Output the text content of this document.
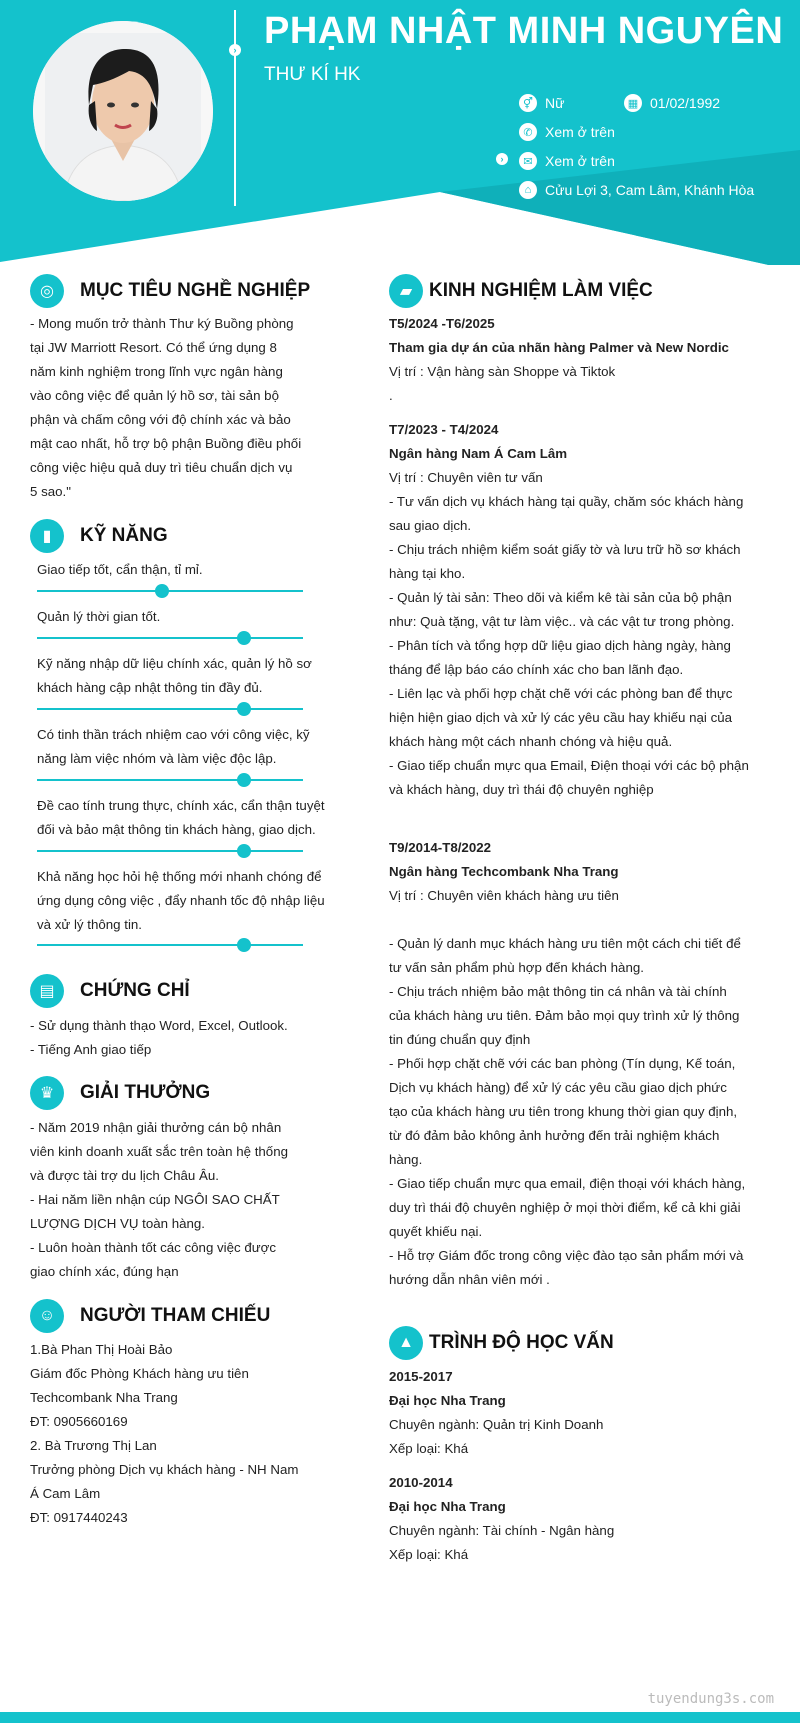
› PHẠM NHẬT MINH NGUYÊN
THƯ KÍ HK
⚥ Nữ	▦ 01/02/1992
✆ Xem ở trên
›	✉ Xem ở trên
⌂ Cửu Lợi 3, Cam Lâm, Khánh Hòa
◎	MỤC TIÊU NGHỀ NGHIỆP

- Mong muốn trở thành Thư ký Buồng phòng

tại JW Marriott Resort. Có thể ứng dụng 8

năm kinh nghiệm trong lĩnh vực ngân hàng

vào công việc để quản lý hồ sơ, tài sản bộ

phận và chấm công với độ chính xác và bảo

mật cao nhất, hỗ trợ bộ phận Buồng điều phối

công việc hiệu quả duy trì tiêu chuẩn dịch vụ

5 sao."

▮	KỸ NĂNG
Giao tiếp tốt, cẩn thận, tỉ mỉ.
Quản lý thời gian tốt.
Kỹ năng nhập dữ liệu chính xác, quản lý hồ sơ
khách hàng cập nhật thông tin đầy đủ.
Có tinh thần trách nhiệm cao với công việc, kỹ
năng làm việc nhóm và làm việc độc lập.
Đề cao tính trung thực, chính xác, cẩn thận tuyệt
đối và bảo mật thông tin khách hàng, giao dịch.
Khả năng học hỏi hệ thống mới nhanh chóng để
ứng dụng công việc , đẩy nhanh tốc độ nhập liệu
và xử lý thông tin.
▤	CHỨNG CHỈ

- Sử dụng thành thạo Word, Excel, Outlook.

- Tiếng Anh giao tiếp

♛	GIẢI THƯỞNG

- Năm 2019 nhận giải thưởng cán bộ nhân

viên kinh doanh xuất sắc trên toàn hệ thống

và được tài trợ du lịch Châu Âu.

- Hai năm liền nhận cúp NGÔI SAO CHẤT

LƯỢNG DỊCH VỤ toàn hàng.

- Luôn hoàn thành tốt các công việc được

giao chính xác, đúng hạn

☺	NGƯỜI THAM CHIẾU

1.Bà Phan Thị Hoài Bảo

Giám đốc Phòng Khách hàng ưu tiên

Techcombank Nha Trang

ĐT: 0905660169

2. Bà Trương Thị Lan

Trưởng phòng Dịch vụ khách hàng - NH Nam

Á Cam Lâm

ĐT: 0917440243

▰ KINH NGHIỆM LÀM VIỆC

T5/2024 -T6/2025

Tham gia dự án của nhãn hàng Palmer và New Nordic

Vị trí : Vận hàng sàn Shoppe và Tiktok

.

T7/2023 - T4/2024

Ngân hàng Nam Á Cam Lâm

Vị trí : Chuyên viên tư vấn

- Tư vấn dịch vụ khách hàng tại quầy, chăm sóc khách hàng

sau giao dịch.

- Chịu trách nhiệm kiểm soát giấy tờ và lưu trữ hồ sơ khách

hàng tại kho.

- Quản lý tài sản: Theo dõi và kiểm kê tài sản của bộ phận

như: Quà tặng, vật tư làm việc.. và các vật tư trong phòng.

- Phân tích và tổng hợp dữ liệu giao dịch hàng ngày, hàng

tháng để lập báo cáo chính xác cho ban lãnh đạo.

- Liên lạc và phối hợp chặt chẽ với các phòng ban để thực

hiện hiện giao dịch và xử lý các yêu cầu hay khiếu nại của

khách hàng một cách nhanh chóng và hiệu quả.

- Giao tiếp chuẩn mực qua Email, Điện thoại với các bộ phận

và khách hàng, duy trì thái độ chuyên nghiệp

T9/2014-T8/2022

Ngân hàng Techcombank Nha Trang

Vị trí : Chuyên viên khách hàng ưu tiên

- Quản lý danh mục khách hàng ưu tiên một cách chi tiết để

tư vấn sản phẩm phù hợp đến khách hàng.

- Chịu trách nhiệm bảo mật thông tin cá nhân và tài chính

của khách hàng ưu tiên. Đảm bảo mọi quy trình xử lý thông

tin đúng chuẩn quy định

- Phối hợp chặt chẽ với các ban phòng (Tín dụng, Kế toán,

Dịch vụ khách hàng) để xử lý các yêu cầu giao dịch phức

tạo của khách hàng ưu tiên trong khung thời gian quy định,

từ đó đảm bảo không ảnh hưởng đến trải nghiệm khách

hàng.

- Giao tiếp chuẩn mực qua email, điện thoại với khách hàng,

duy trì thái độ chuyên nghiệp ở mọi thời điểm, kể cả khi giải

quyết khiếu nại.

- Hỗ trợ Giám đốc trong công việc đào tạo sản phẩm mới và

hướng dẫn nhân viên mới .

▲ TRÌNH ĐỘ HỌC VẤN

2015-2017

Đại học Nha Trang

Chuyên ngành: Quản trị Kinh Doanh

Xếp loại: Khá

2010-2014

Đại học Nha Trang

Chuyên ngành: Tài chính - Ngân hàng

Xếp loại: Khá

tuyendung3s.com
